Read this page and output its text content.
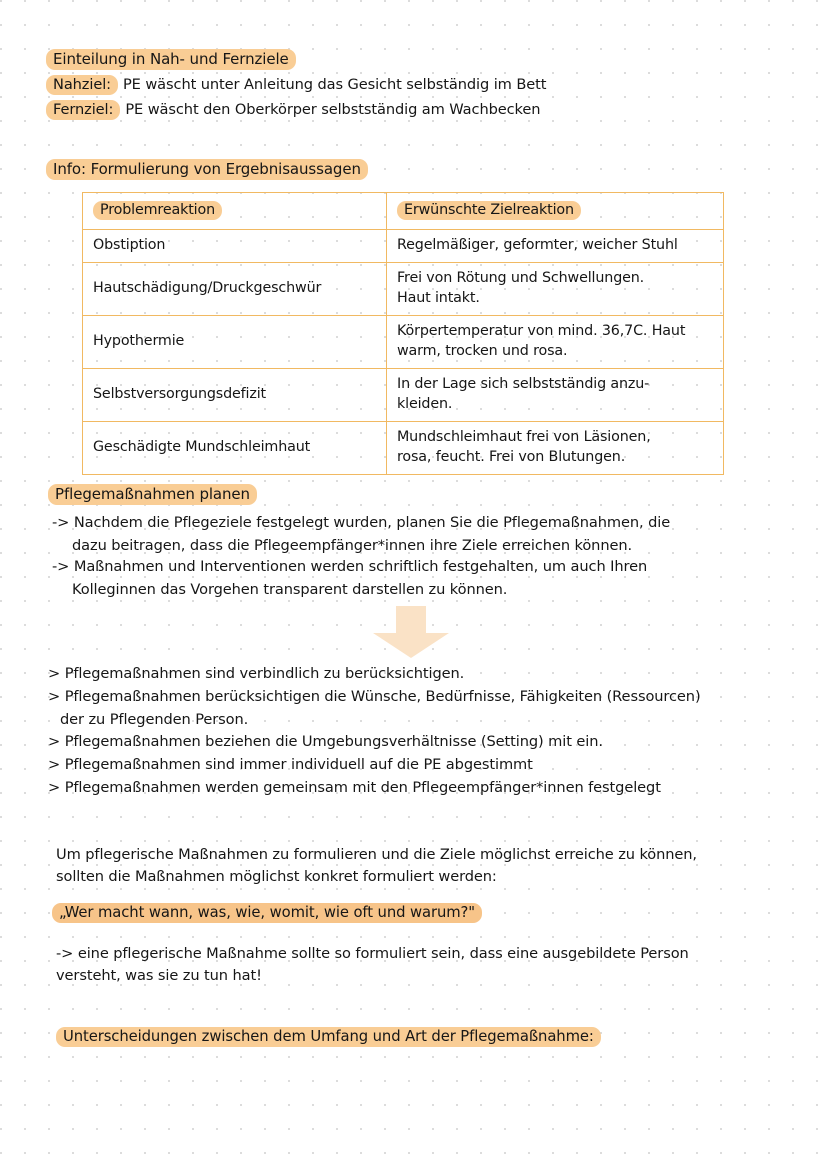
Einteilung in Nah- und Fernziele
Nahziel: PE wäscht unter Anleitung das Gesicht selbständig im Bett
Fernziel: PE wäscht den Oberkörper selbstständig am Wachbecken
Info: Formulierung von Ergebnisaussagen
Problemreaktion	Erwünschte Zielreaktion
Obstiption	Regelmäßiger, geformter, weicher Stuhl

Hautschädigung/Druckgeschwür	Frei von Rötung und Schwellungen.
Haut intakt.

Hypothermie	Körpertemperatur von mind. 36,7C. Haut
warm, trocken und rosa.

Selbstversorgungsdefizit	In der Lage sich selbstständig anzu-
kleiden.

Geschädigte Mundschleimhaut	Mundschleimhaut frei von Läsionen,
rosa, feucht. Frei von Blutungen.
Pflegemaßnahmen planen
-> Nachdem die Pflegeziele festgelegt wurden, planen Sie die Pflegemaßnahmen, die
dazu beitragen, dass die Pflegeempfänger*innen ihre Ziele erreichen können.
-> Maßnahmen und Interventionen werden schriftlich festgehalten, um auch Ihren
Kolleginnen das Vorgehen transparent darstellen zu können.
> Pflegemaßnahmen sind verbindlich zu berücksichtigen.
> Pflegemaßnahmen berücksichtigen die Wünsche, Bedürfnisse, Fähigkeiten (Ressourcen)
der zu Pflegenden Person.
> Pflegemaßnahmen beziehen die Umgebungsverhältnisse (Setting) mit ein.
> Pflegemaßnahmen sind immer individuell auf die PE abgestimmt
> Pflegemaßnahmen werden gemeinsam mit den Pflegeempfänger*innen festgelegt
Um pflegerische Maßnahmen zu formulieren und die Ziele möglichst erreiche zu können,
sollten die Maßnahmen möglichst konkret formuliert werden:
„Wer macht wann, was, wie, womit, wie oft und warum?"
-> eine pflegerische Maßnahme sollte so formuliert sein, dass eine ausgebildete Person
versteht, was sie zu tun hat!
Unterscheidungen zwischen dem Umfang und Art der Pflegemaßnahme:
